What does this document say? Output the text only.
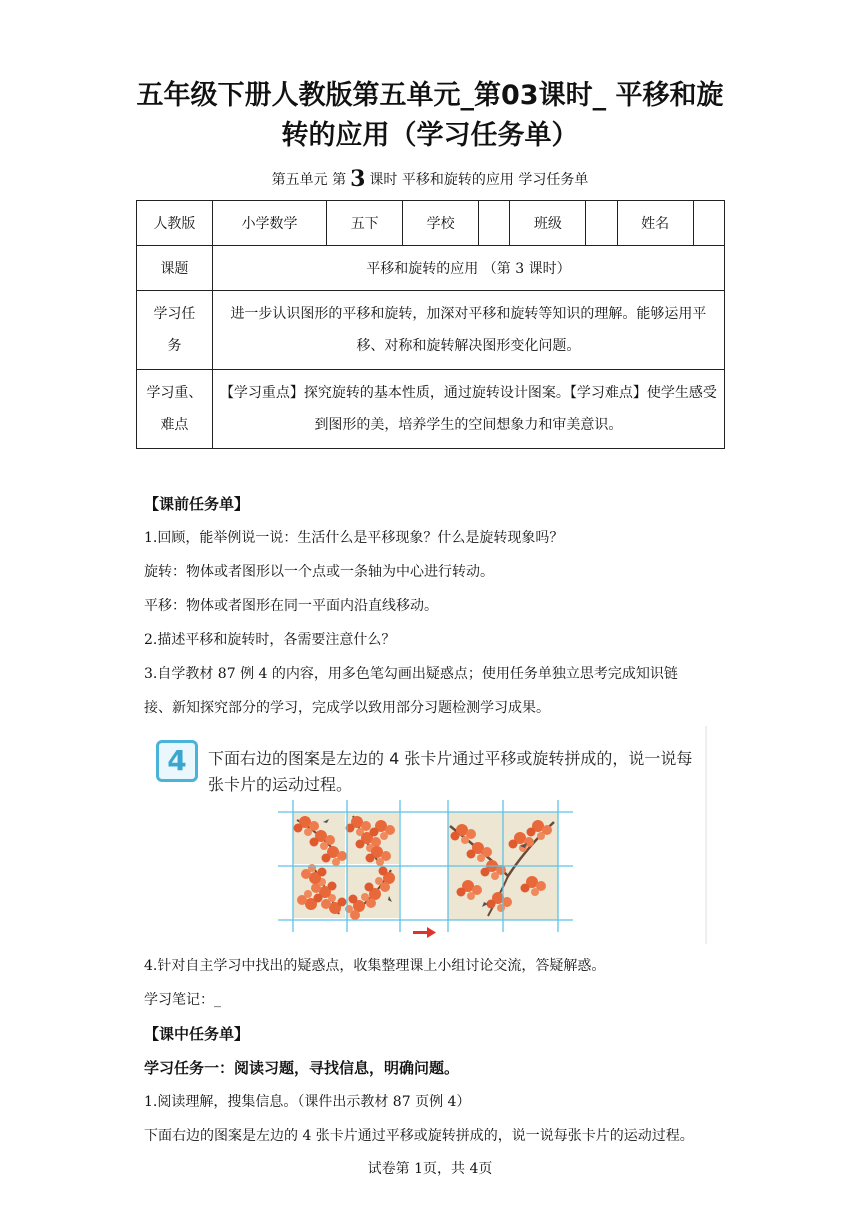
五年级下册人教版第五单元_第03课时_ 平移和旋
转的应用（学习任务单）
第五单元 第 3 课时 平移和旋转的应用 学习任务单
人教版	小学数学	五下	学校		班级		姓名	
课题	平移和旋转的应用 （第 3 课时）							
学习任
务	进一步认识图形的平移和旋转，加深对平移和旋转等知识的理解。能够运用平移、对称和旋转解决图形变化问题。							
学习重、
难点	【学习重点】探究旋转的基本性质，通过旋转设计图案。【学习难点】使学生感受到图形的美，培养学生的空间想象力和审美意识。							
【课前任务单】
1.回顾，能举例说一说：生活什么是平移现象？什么是旋转现象吗？
旋转：物体或者图形以一个点或一条轴为中心进行转动。
平移：物体或者图形在同一平面内沿直线移动。
2.描述平移和旋转时，各需要注意什么？
3.自学教材 87 例 4 的内容，用多色笔勾画出疑惑点；使用任务单独立思考完成知识链
接、新知探究部分的学习，完成学以致用部分习题检测学习成果。
4	下面右边的图案是左边的 4 张卡片通过平移或旋转拼成的，说一说每张卡片的运动过程。
4.针对自主学习中找出的疑惑点，收集整理课上小组讨论交流，答疑解惑。
学习笔记：_
【课中任务单】
学习任务一：阅读习题，寻找信息，明确问题。
1.阅读理解，搜集信息。（课件出示教材 87 页例 4）
下面右边的图案是左边的 4 张卡片通过平移或旋转拼成的，说一说每张卡片的运动过程。
试卷第 1页，共 4页
